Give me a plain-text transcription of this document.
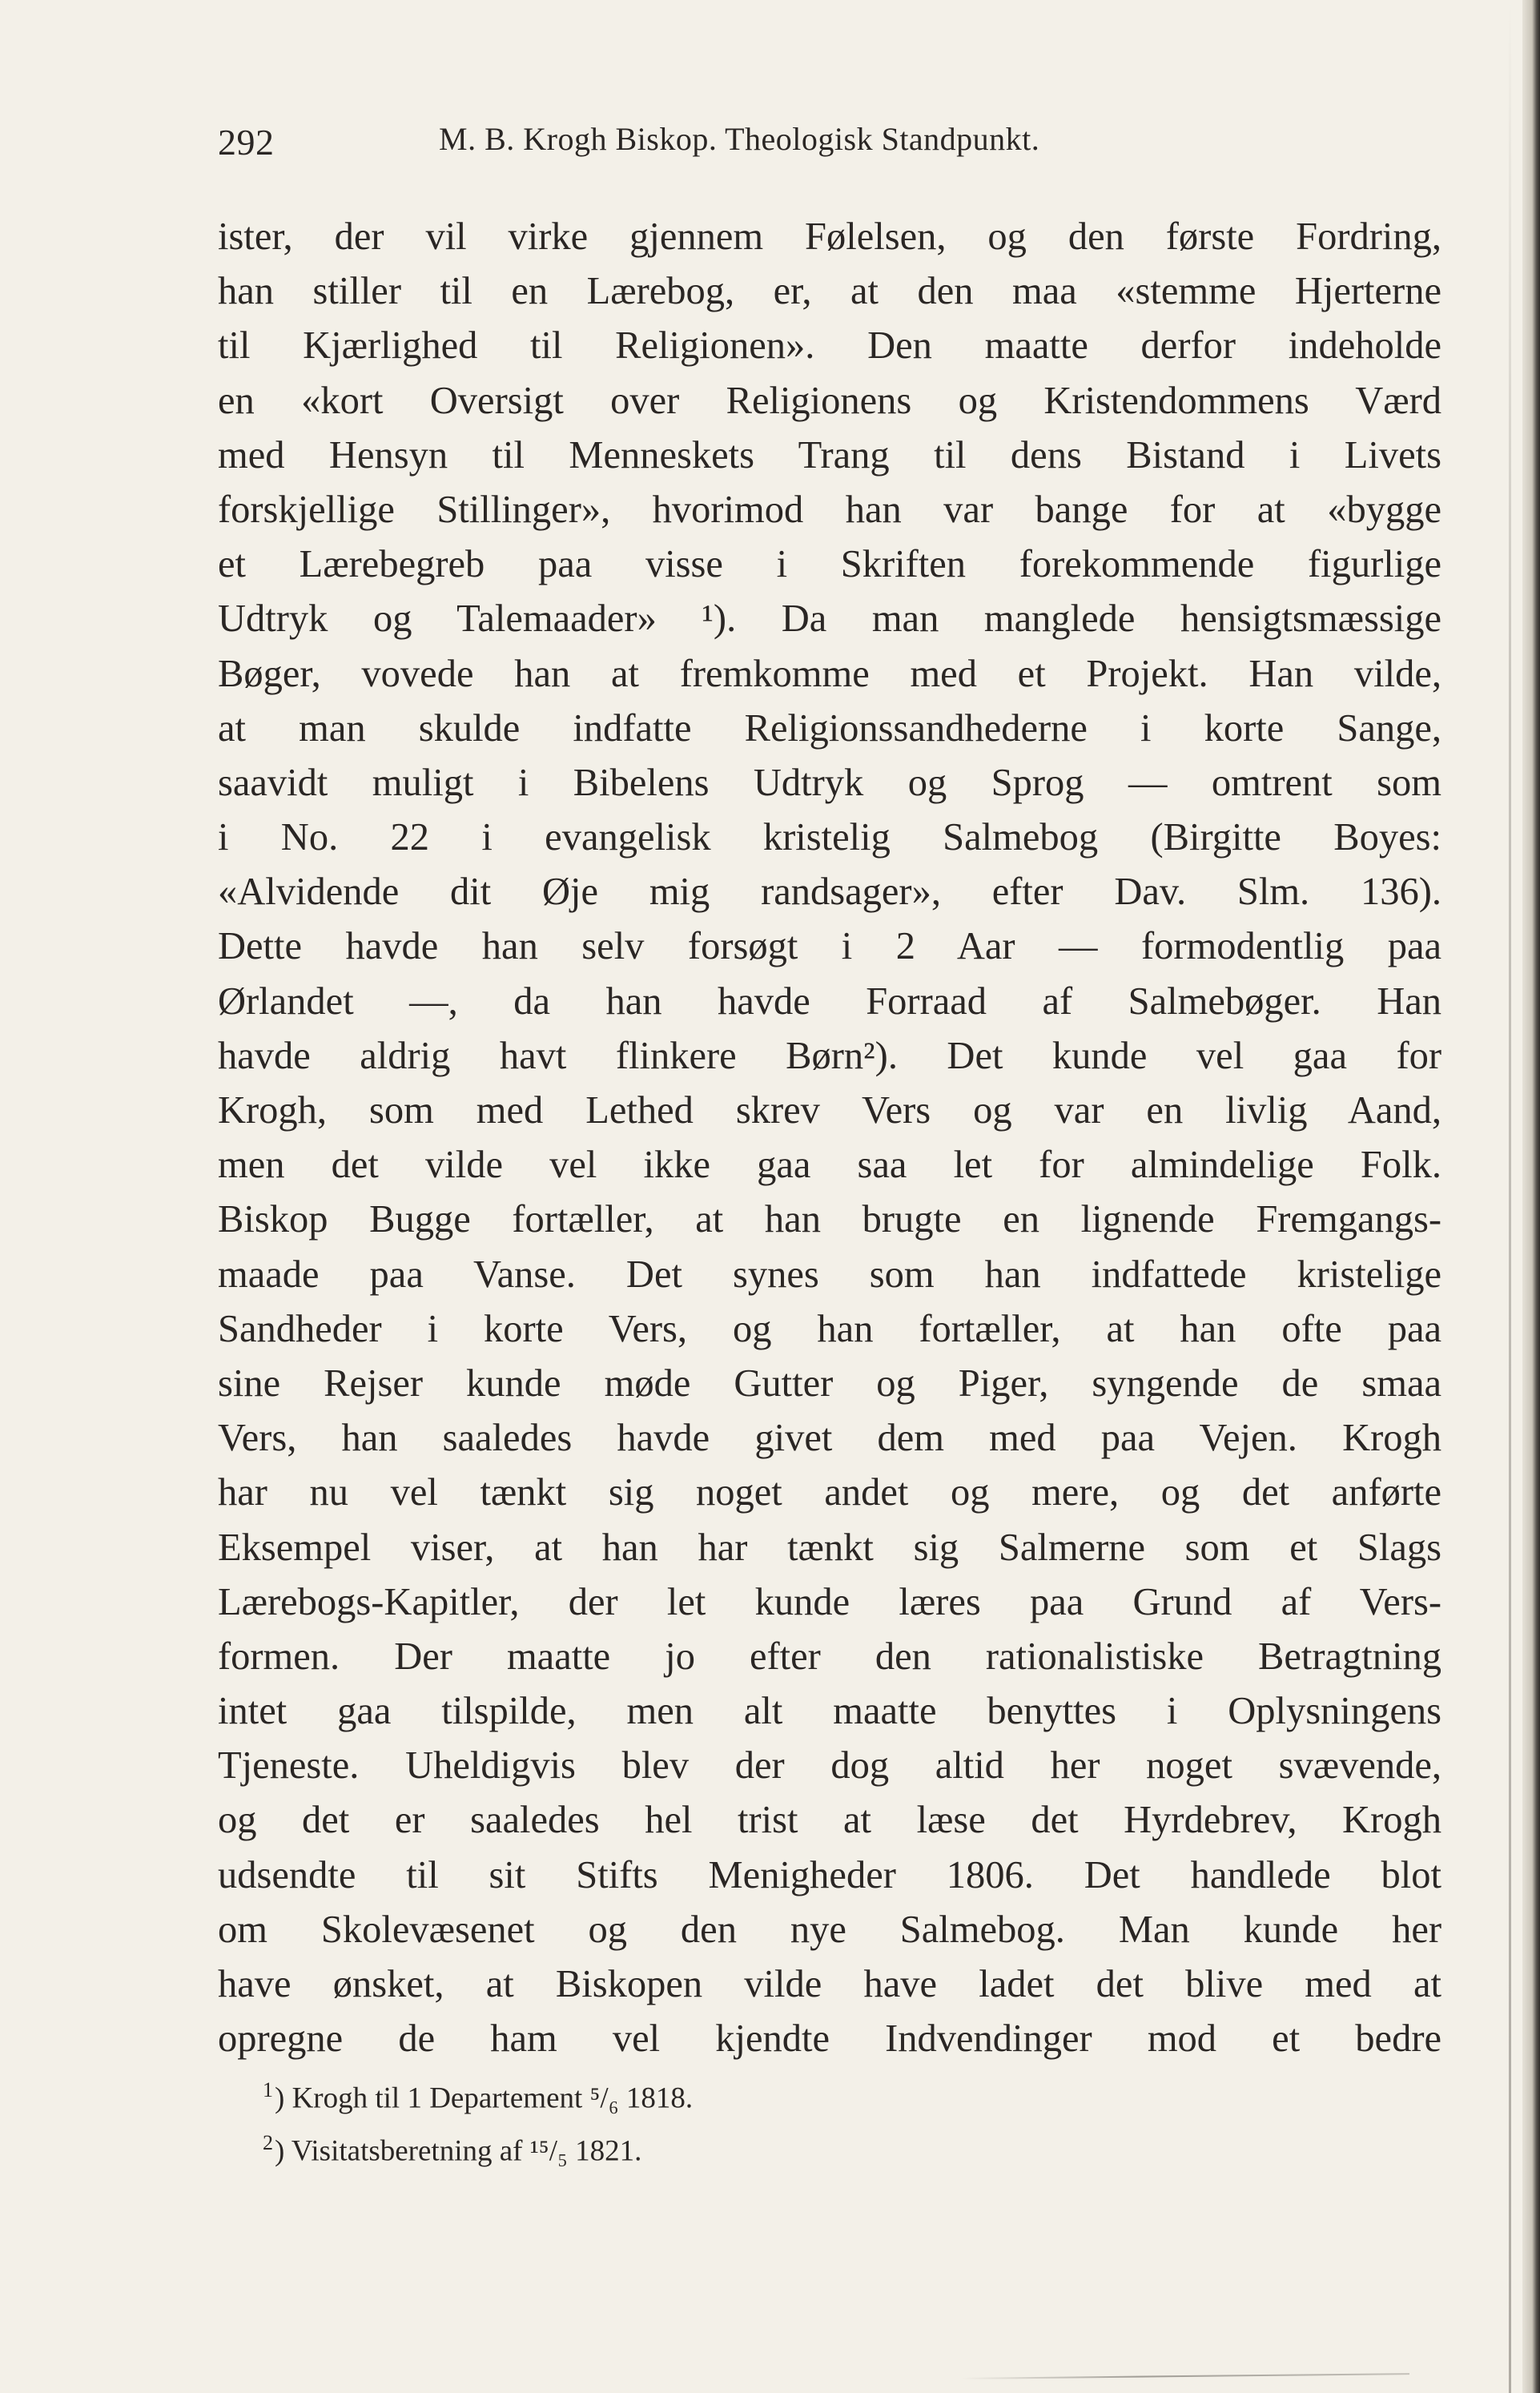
292	M. B. Krogh Biskop. Theologisk Standpunkt.
ister, der vil virke gjennem Følelsen, og den første Fordring,
han stiller til en Lærebog, er, at den maa «stemme Hjerterne
til Kjærlighed til Religionen». Den maatte derfor indeholde
en «kort Oversigt over Religionens og Kristendommens Værd
med Hensyn til Menneskets Trang til dens Bistand i Livets
forskjellige Stillinger», hvorimod han var bange for at «bygge
et Lærebegreb paa visse i Skriften forekommende figurlige
Udtryk og Talemaader» ¹). Da man manglede hensigtsmæssige
Bøger, vovede han at fremkomme med et Projekt. Han vilde,
at man skulde indfatte Religionssandhederne i korte Sange,
saavidt muligt i Bibelens Udtryk og Sprog — omtrent som
i No. 22 i evangelisk kristelig Salmebog (Birgitte Boyes:
«Alvidende dit Øje mig randsager», efter Dav. Slm. 136).
Dette havde han selv forsøgt i 2 Aar — formodentlig paa
Ørlandet —, da han havde Forraad af Salmebøger. Han
havde aldrig havt flinkere Børn²). Det kunde vel gaa for
Krogh, som med Lethed skrev Vers og var en livlig Aand,
men det vilde vel ikke gaa saa let for almindelige Folk.
Biskop Bugge fortæller, at han brugte en lignende Fremgangs-
maade paa Vanse. Det synes som han indfattede kristelige
Sandheder i korte Vers, og han fortæller, at han ofte paa
sine Rejser kunde møde Gutter og Piger, syngende de smaa
Vers, han saaledes havde givet dem med paa Vejen. Krogh
har nu vel tænkt sig noget andet og mere, og det anførte
Eksempel viser, at han har tænkt sig Salmerne som et Slags
Lærebogs-Kapitler, der let kunde læres paa Grund af Vers-
formen. Der maatte jo efter den rationalistiske Betragtning
intet gaa tilspilde, men alt maatte benyttes i Oplysningens
Tjeneste. Uheldigvis blev der dog altid her noget svævende,
og det er saaledes hel trist at læse det Hyrdebrev, Krogh
udsendte til sit Stifts Menigheder 1806. Det handlede blot
om Skolevæsenet og den nye Salmebog. Man kunde her
have ønsket, at Biskopen vilde have ladet det blive med at
opregne de ham vel kjendte Indvendinger mod et bedre
$^1$) Krogh til 1 Departement ⁵/₆ 1818.
$^2$) Visitatsberetning af ¹⁵/₅ 1821.
